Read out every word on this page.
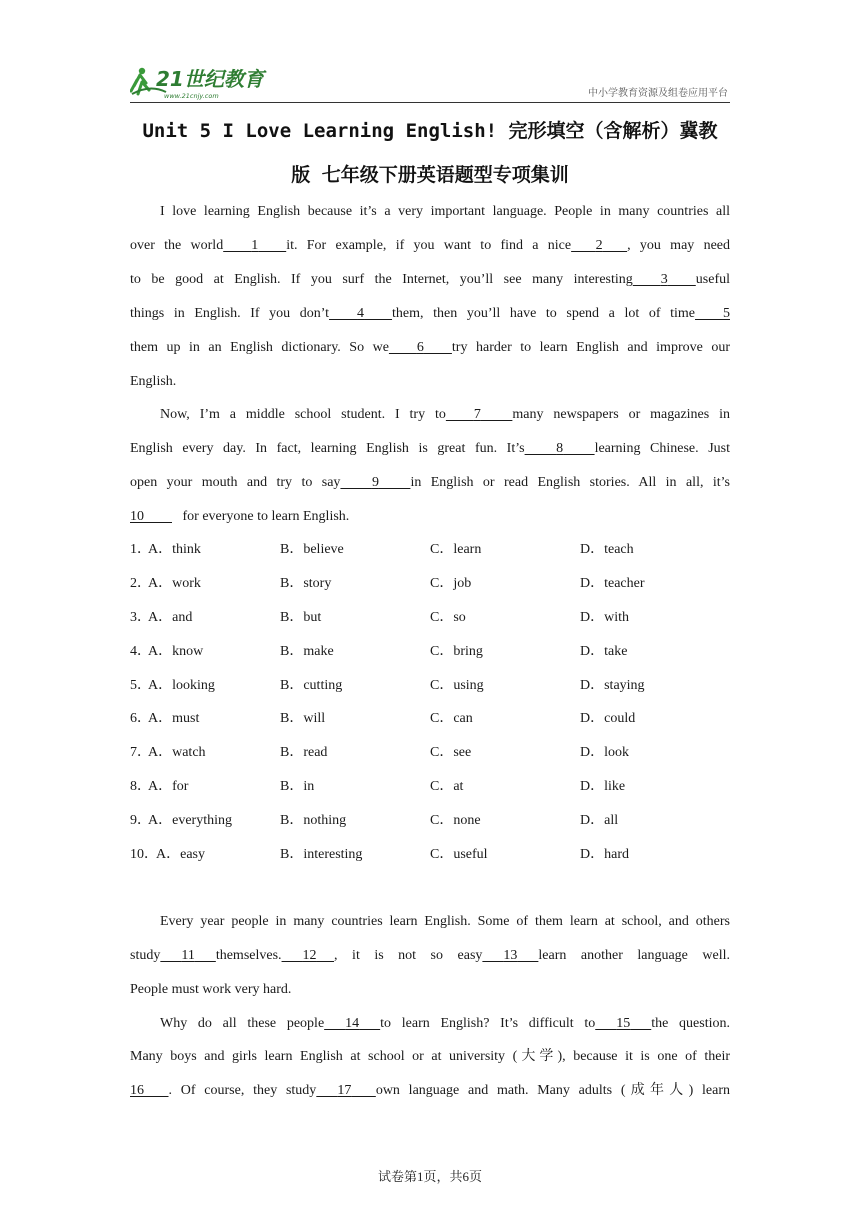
21世纪教育
www.21cnjy.com	中小学教育资源及组卷应用平台
Unit 5 I Love Learning English! 完形填空（含解析）冀教
版 七年级下册英语题型专项集训
I love learning English because it’s a very important language. People in many countries all
over the world 1 it. For example, if you want to find a nice 2 , you may need
to be good at English. If you surf the Internet, you’ll see many interesting 3 useful
things in English. If you don’t 4 them, then you’ll have to spend a lot of time 5
them up in an English dictionary. So we 6 try harder to learn English and improve our
English.
Now, I’m a middle school student. I try to 7 many newspapers or magazines in
English every day. In fact, learning English is great fun. It’s 8 learning Chinese. Just
open your mouth and try to say 9 in English or read English stories. All in all, it’s
10	for everyone to learn English.
1．
A．think	B．believe	C．learn	D．teach
2．
A．work	B．story	C．job	D．teacher
3．
A．and	B．but	C．so	D．with
4．
A．know	B．make	C．bring	D．take
5．
A．looking	B．cutting	C．using	D．staying
6．
A．must	B．will	C．can	D．could
7．
A．watch	B．read	C．see	D．look
8．
A．for	B．in	C．at	D．like
9．
A．everything	B．nothing	C．none	D．all
10．
A．easy	B．interesting	C．useful	D．hard
Every year people in many countries learn English. Some of them learn at school, and others
study 11 themselves. 12 , it is not so easy 13 learn another language well.
People must work very hard.
Why do all these people 14 to learn English? It’s difficult to 15 the question.
Many boys and girls learn English at school or at university (大学), because it is one of their
16 . Of course, they study 17 own language and math. Many adults (成年人) learn
试卷第1页，共6页
